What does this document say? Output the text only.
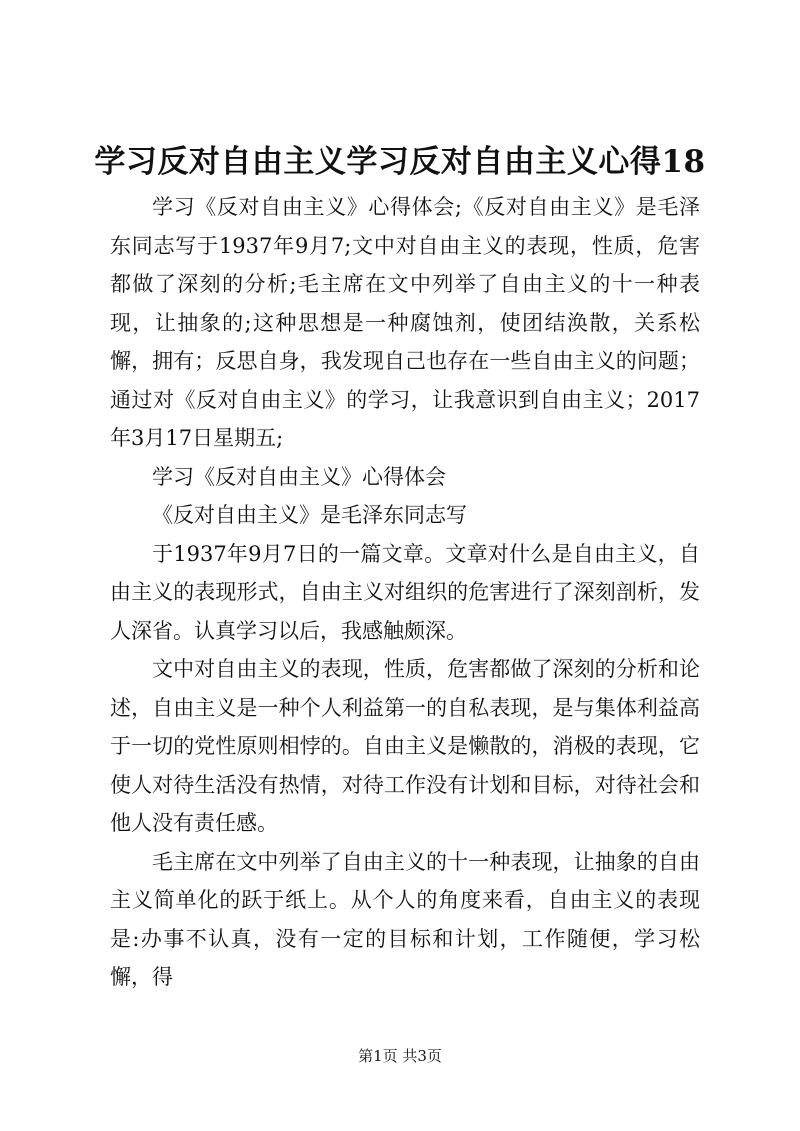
学习反对自由主义学习反对自由主义心得18

学习《反对自由主义》心得体会;《反对自由主义》是毛泽东同志写于1937年9月7;文中对自由主义的表现，性质，危害都做了深刻的分析;毛主席在文中列举了自由主义的十一种表现，让抽象的;这种思想是一种腐蚀剂，使团结涣散，关系松懈，拥有；反思自身，我发现自己也存在一些自由主义的问题；通过对《反对自由主义》的学习，让我意识到自由主义；2017年3月17日星期五;

学习《反对自由主义》心得体会

《反对自由主义》是毛泽东同志写

于1937年9月7日的一篇文章。文章对什么是自由主义，自由主义的表现形式，自由主义对组织的危害进行了深刻剖析，发人深省。认真学习以后，我感触颇深。

文中对自由主义的表现，性质，危害都做了深刻的分析和论述，自由主义是一种个人利益第一的自私表现，是与集体利益高于一切的党性原则相悖的。自由主义是懒散的，消极的表现，它使人对待生活没有热情，对待工作没有计划和目标，对待社会和他人没有责任感。

毛主席在文中列举了自由主义的十一种表现，让抽象的自由主义简单化的跃于纸上。从个人的角度来看，自由主义的表现是:办事不认真，没有一定的目标和计划，工作随便，学习松懈，得

第1页 共3页
